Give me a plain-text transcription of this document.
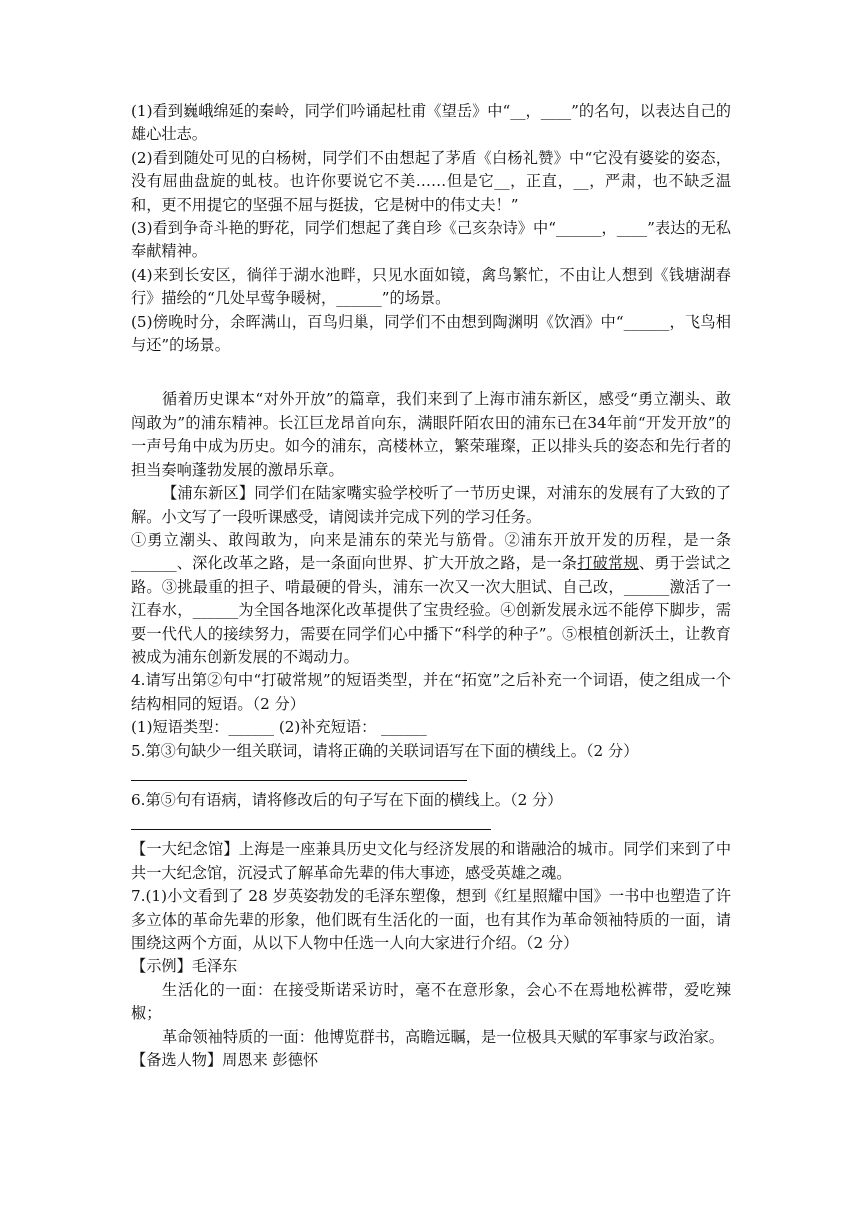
(1)看到巍峨绵延的秦岭，同学们吟诵起杜甫《望岳》中“__，____”的名句，以表达自己的雄心壮志。

(2)看到随处可见的白杨树，同学们不由想起了茅盾《白杨礼赞》中“它没有婆娑的姿态，没有屈曲盘旋的虬枝。也许你要说它不美……但是它__，正直，__，严肃，也不缺乏温和，更不用提它的坚强不屈与挺拔，它是树中的伟丈夫！”

(3)看到争奇斗艳的野花，同学们想起了龚自珍《己亥杂诗》中“______，____”表达的无私奉献精神。

(4)来到长安区，徜徉于湖水池畔，只见水面如镜，禽鸟繁忙，不由让人想到《钱塘湖春行》描绘的“几处早莺争暖树，______”的场景。

(5)傍晚时分，余晖满山，百鸟归巢，同学们不由想到陶渊明《饮酒》中“______，飞鸟相与还”的场景。

循着历史课本“对外开放”的篇章，我们来到了上海市浦东新区，感受“勇立潮头、敢闯敢为”的浦东精神。长江巨龙昂首向东，满眼阡陌农田的浦东已在34年前“开发开放”的一声号角中成为历史。如今的浦东，高楼林立，繁荣璀璨，正以排头兵的姿态和先行者的担当奏响蓬勃发展的激昂乐章。

【浦东新区】同学们在陆家嘴实验学校听了一节历史课，对浦东的发展有了大致的了解。小文写了一段听课感受，请阅读并完成下列的学习任务。

①勇立潮头、敢闯敢为，向来是浦东的荣光与筋骨。②浦东开放开发的历程，是一条______、深化改革之路，是一条面向世界、扩大开放之路，是一条打破常规、勇于尝试之路。③挑最重的担子、啃最硬的骨头，浦东一次又一次大胆试、自己改，______激活了一江春水，______为全国各地深化改革提供了宝贵经验。④创新发展永远不能停下脚步，需要一代代人的接续努力，需要在同学们心中播下“科学的种子”。⑤根植创新沃土，让教育被成为浦东创新发展的不竭动力。

4.请写出第②句中“打破常规”的短语类型，并在“拓宽”之后补充一个词语，使之组成一个结构相同的短语。（2 分）

(1)短语类型：______ (2)补充短语： ______

5.第③句缺少一组关联词，请将正确的关联词语写在下面的横线上。（2 分）

6.第⑤句有语病，请将修改后的句子写在下面的横线上。（2 分）

【一大纪念馆】上海是一座兼具历史文化与经济发展的和谐融洽的城市。同学们来到了中共一大纪念馆，沉浸式了解革命先辈的伟大事迹，感受英雄之魂。

7.(1)小文看到了 28 岁英姿勃发的毛泽东塑像，想到《红星照耀中国》一书中也塑造了许多立体的革命先辈的形象，他们既有生活化的一面，也有其作为革命领袖特质的一面，请围绕这两个方面，从以下人物中任选一人向大家进行介绍。（2 分）

【示例】毛泽东

生活化的一面：在接受斯诺采访时，毫不在意形象，会心不在焉地松裤带，爱吃辣椒；

革命领袖特质的一面：他博览群书，高瞻远瞩，是一位极具天赋的军事家与政治家。

【备选人物】周恩来 彭德怀
